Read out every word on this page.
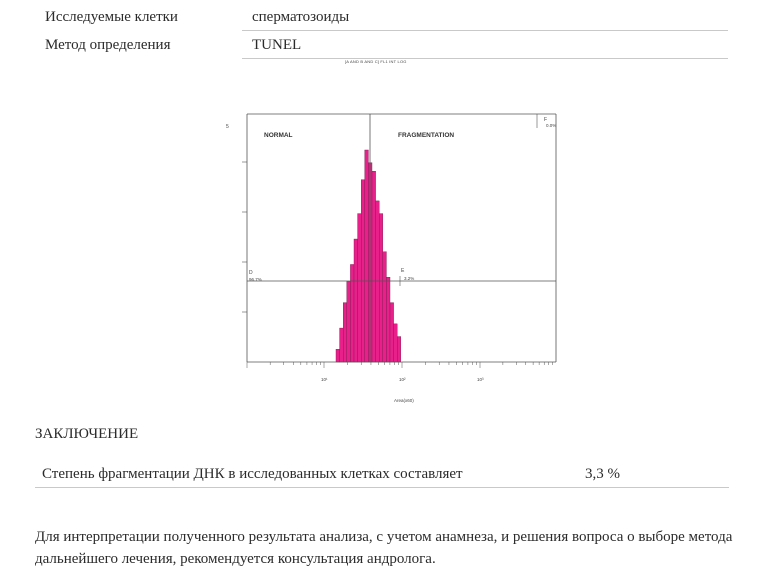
Исследуемые клетки	сперматозоиды
Метод определения	TUNEL
[A AND B AND C] FL1 INT LOG
5
NORMAL	FRAGMENTATION
F
0.0%
D
96.7%
E
3.2%
10¹	10²	10³
Area(x60)
ЗАКЛЮЧЕНИЕ
Степень фрагментации ДНК в исследованных клетках составляет	3,3 %
Для интерпретации полученного результата анализа, с учетом анамнеза, и решения вопроса о выборе метода дальнейшего лечения, рекомендуется консультация андролога.
